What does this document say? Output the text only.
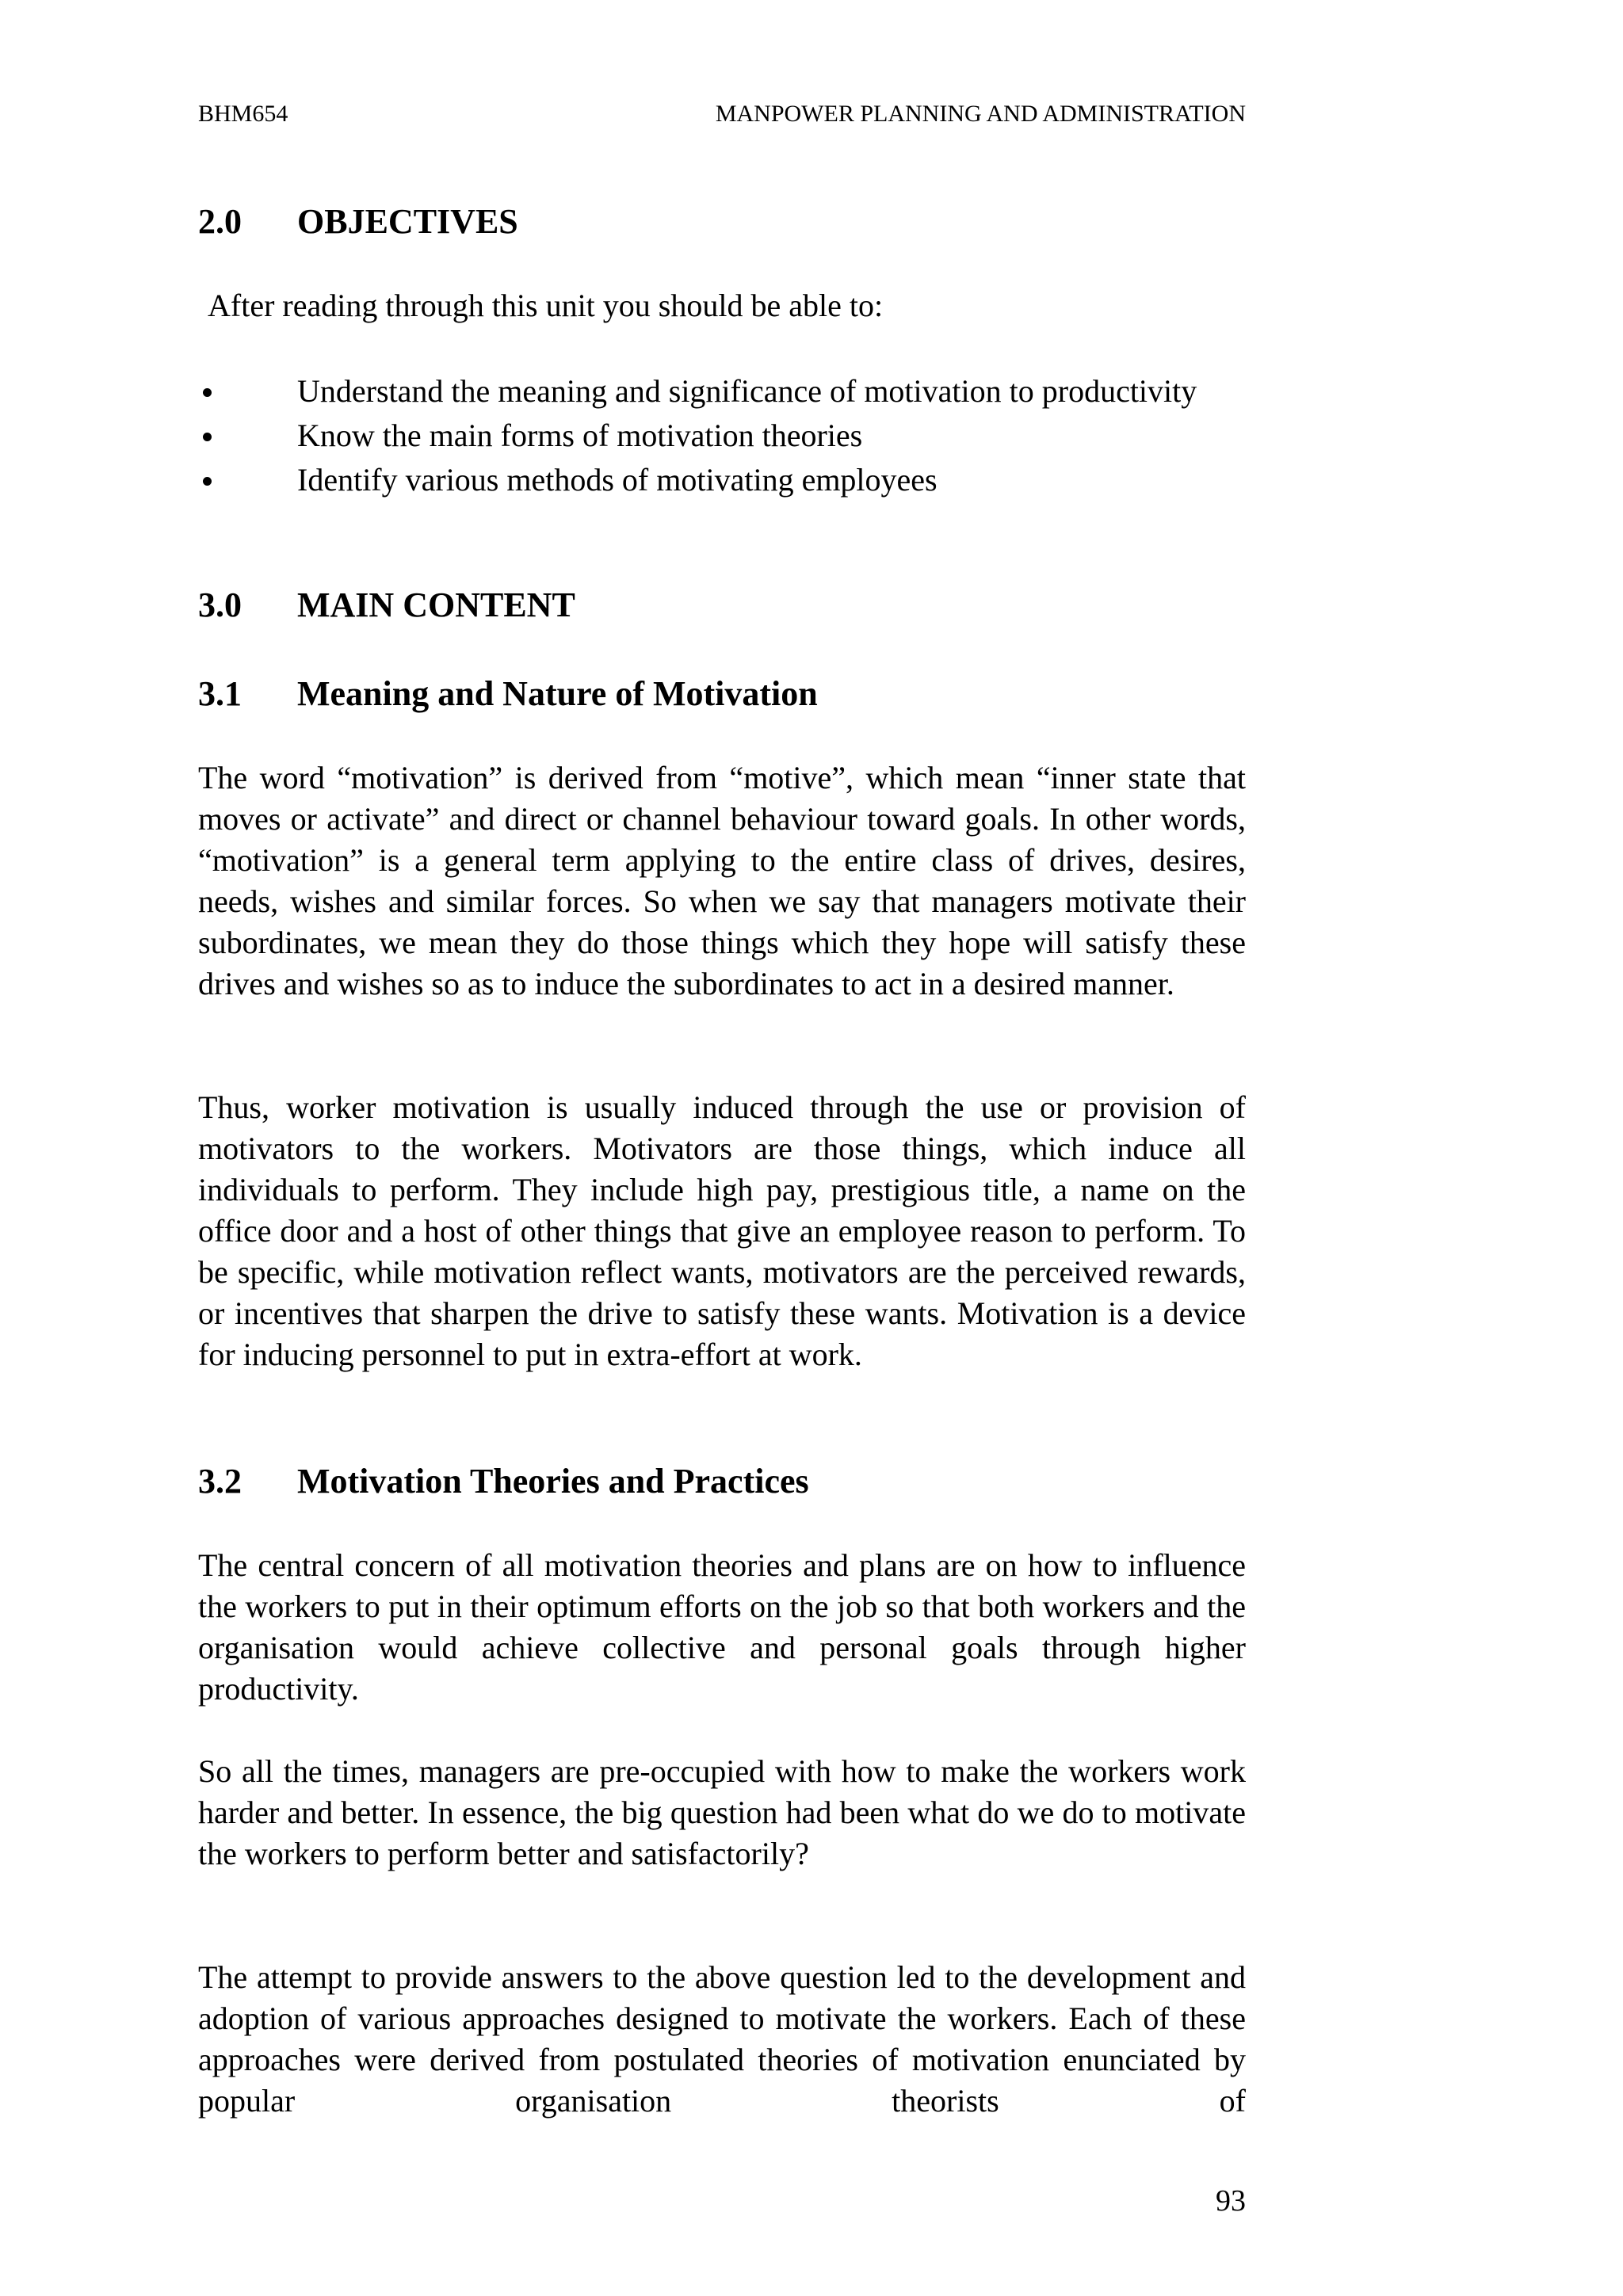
BHM654	MANPOWER PLANNING AND ADMINISTRATION
2.0 OBJECTIVES

After reading through this unit you should be able to:

Understand the meaning and significance of motivation to productivity
Know the main forms of motivation theories
Identify various methods of motivating employees
3.0 MAIN CONTENT
3.1 Meaning and Nature of Motivation

The word “motivation” is derived from “motive”, which mean “inner state that moves or activate” and direct or channel behaviour toward goals. In other words, “motivation” is a general term applying to the entire class of drives, desires, needs, wishes and similar forces. So when we say that managers motivate their subordinates, we mean they do those things which they hope will satisfy these drives and wishes so as to induce the subordinates to act in a desired manner.

Thus, worker motivation is usually induced through the use or provision of motivators to the workers. Motivators are those things, which induce all individuals to perform. They include high pay, prestigious title, a name on the office door and a host of other things that give an employee reason to perform. To be specific, while motivation reflect wants, motivators are the perceived rewards, or incentives that sharpen the drive to satisfy these wants. Motivation is a device for inducing personnel to put in extra-effort at work.

3.2 Motivation Theories and Practices

The central concern of all motivation theories and plans are on how to influence the workers to put in their optimum efforts on the job so that both workers and the organisation would achieve collective and personal goals through higher productivity.

So all the times, managers are pre-occupied with how to make the workers work harder and better. In essence, the big question had been what do we do to motivate the workers to perform better and satisfactorily?

The attempt to provide answers to the above question led to the development and adoption of various approaches designed to motivate the workers. Each of these approaches were derived from postulated theories of motivation enunciated by popular organisation theorists of

93
